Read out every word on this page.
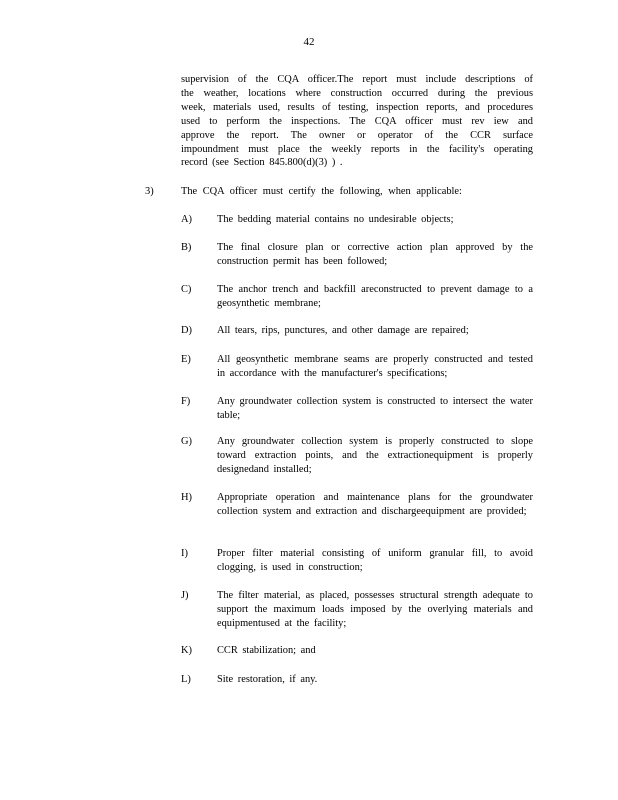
42
supervision of the CQA officer.The report must include descriptions of
the weather, locations where construction occurred during the previous
week, materials used, results of testing, inspection reports, and procedures
used to perform the inspections. The CQA officer must rev iew and
approve the report. The owner or operator of the CCR surface
impoundment must place the weekly reports in the facility's operating
record (see Section 845.800(d)(3) ) .
3)	The CQA officer must certify the following, when applicable:
A)	The bedding material contains no undesirable objects;
B)	The final closure plan or corrective action plan approved by the construction permit has been followed;
C)	The anchor trench and backfill areconstructed to prevent damage to a geosynthetic membrane;
D)	All tears, rips, punctures, and other damage are repaired;
E)	All geosynthetic membrane seams are properly constructed and tested in accordance with the manufacturer's specifications;
F)	Any groundwater collection system is constructed to intersect the water table;
G)	Any groundwater collection system is properly constructed to slope toward extraction points, and the extractionequipment is properly designedand installed;
H)	Appropriate operation and maintenance plans for the groundwater collection system and extraction and dischargeequipment are provided;
I)	Proper filter material consisting of uniform granular fill, to avoid clogging, is used in construction;
J)	The filter material, as placed, possesses structural strength adequate to support the maximum loads imposed by the overlying materials and equipmentused at the facility;
K)	CCR stabilization; and
L)	Site restoration, if any.
